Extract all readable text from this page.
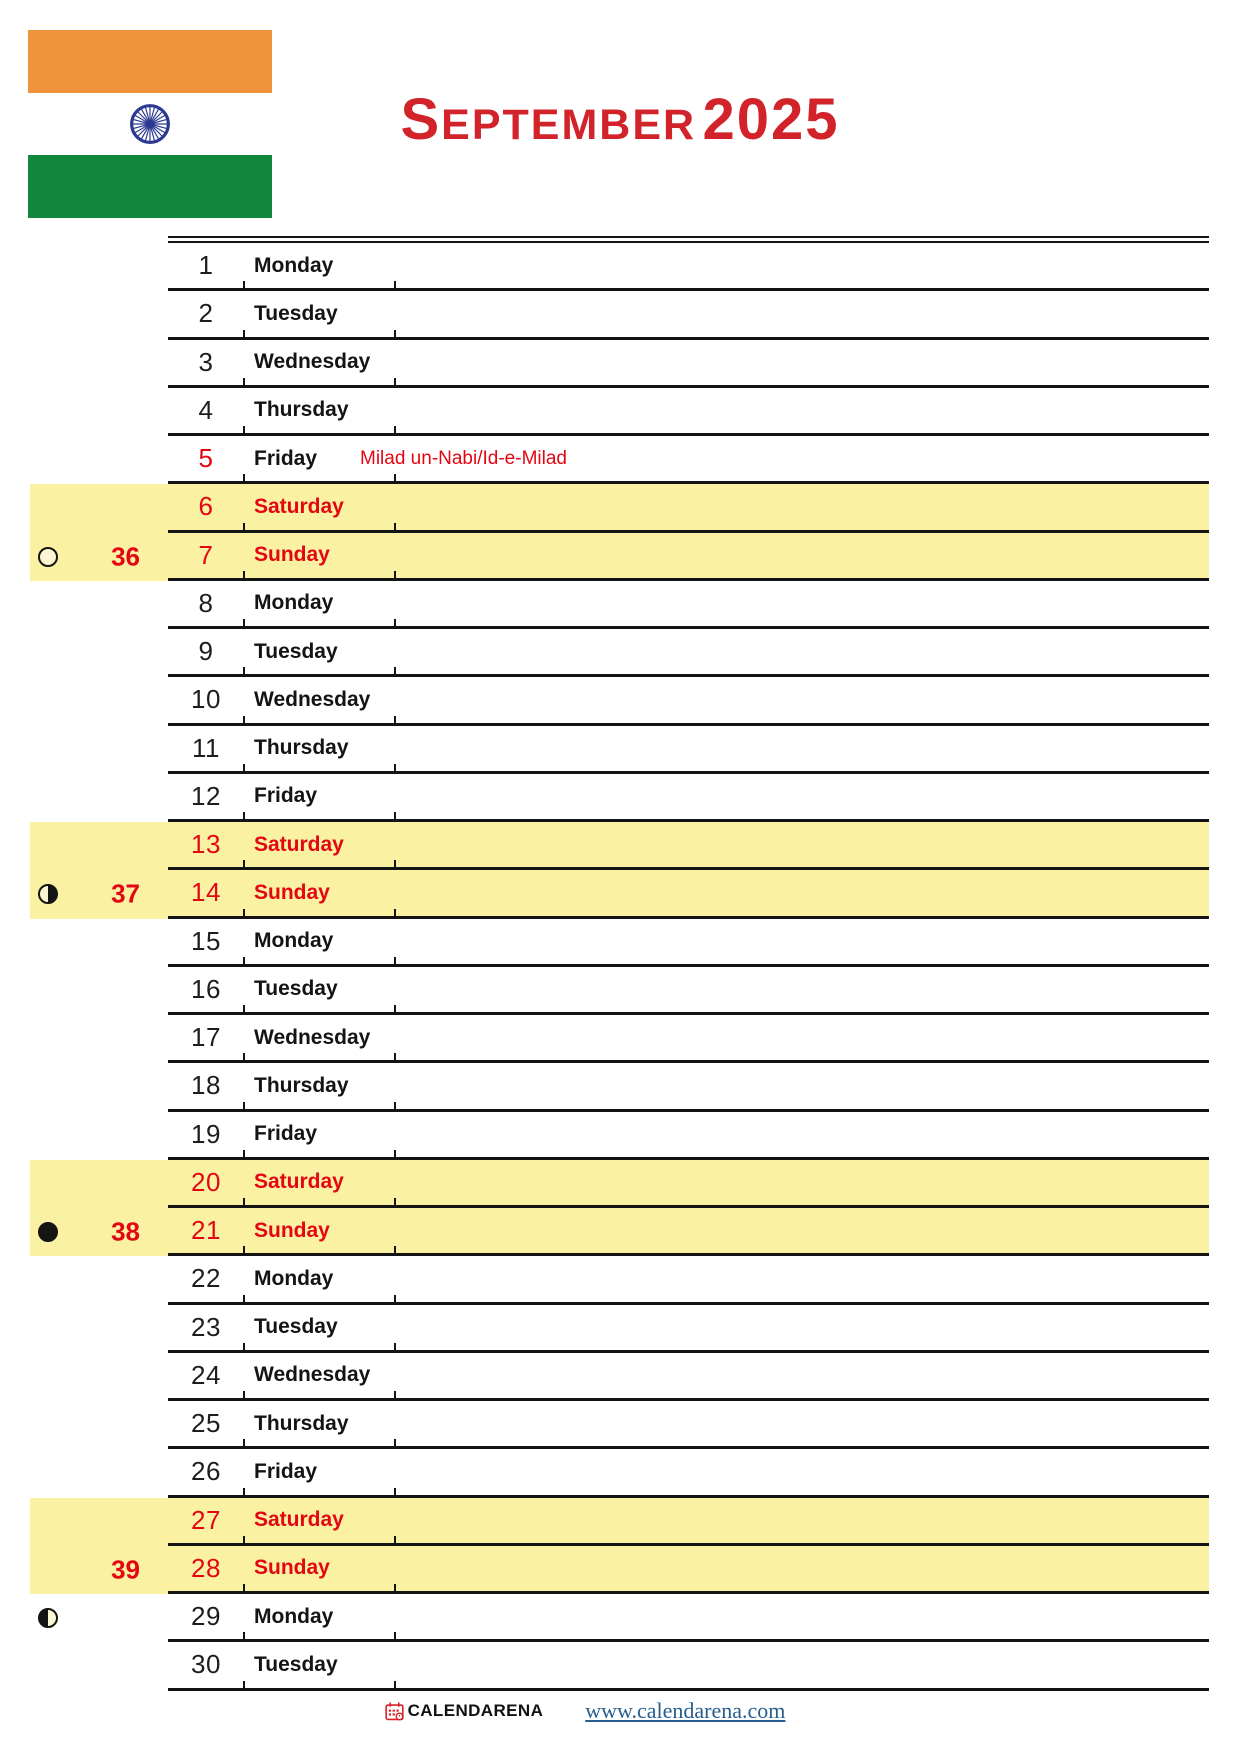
SEPTEMBER 2025
1	Monday
2	Tuesday
3	Wednesday
4	Thursday
5	Friday	Milad un-Nabi/Id-e-Milad
6	Saturday
36	7	Sunday
8	Monday
9	Tuesday
10	Wednesday
11	Thursday
12	Friday
13	Saturday
37	14	Sunday
15	Monday
16	Tuesday
17	Wednesday
18	Thursday
19	Friday
20	Saturday
38	21	Sunday
22	Monday
23	Tuesday
24	Wednesday
25	Thursday
26	Friday
27	Saturday
39	28	Sunday
29	Monday
30	Tuesday
CALENDARENA www.calendarena.com
